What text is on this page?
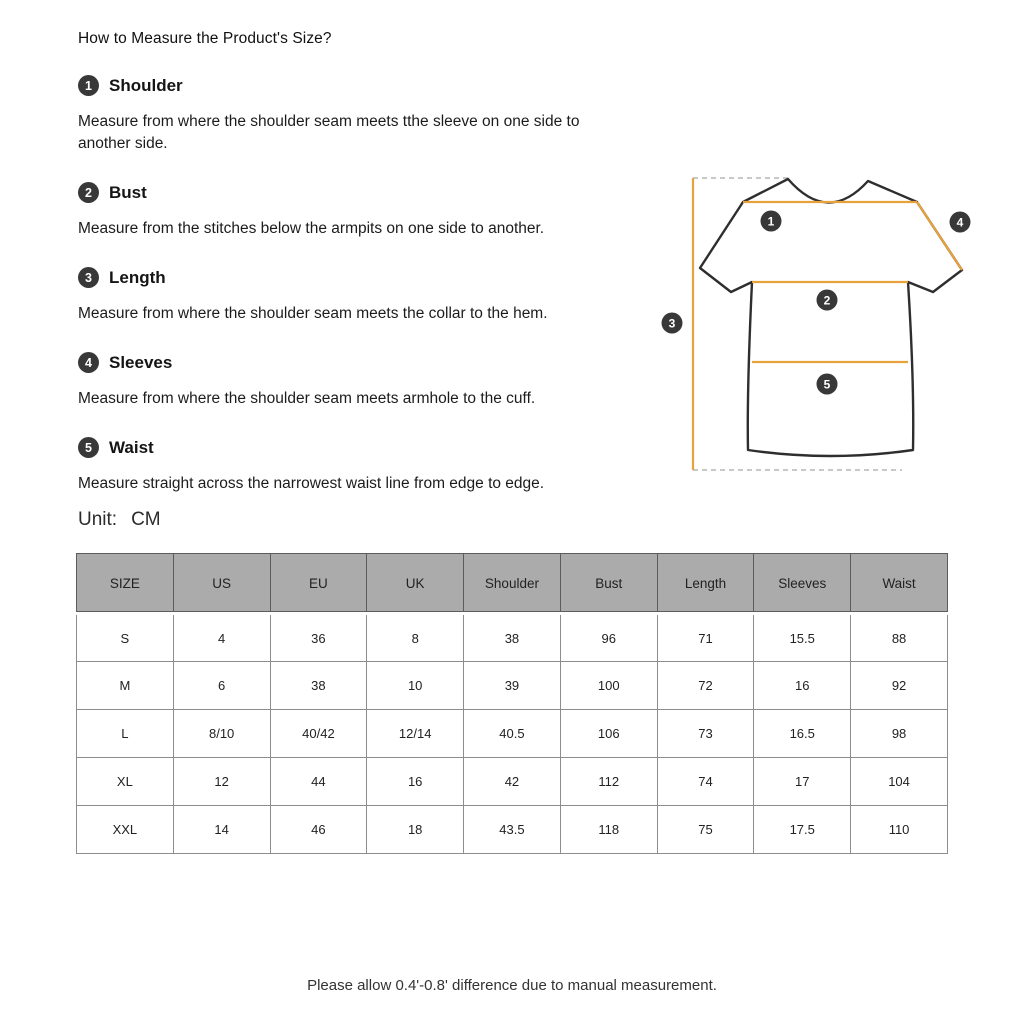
How to Measure the Product's Size?
1	Shoulder
Measure from where the shoulder seam meets tthe sleeve on one side to another side.
2	Bust
Measure from the stitches below the armpits on one side to another.
3	Length
Measure from where the shoulder seam meets the collar to the hem.
4	Sleeves
Measure from where the shoulder seam meets armhole to the cuff.
5	Waist
Measure straight across the narrowest waist line from edge to edge.
Unit: CM
SIZE	US	EU	UK	Shoulder	Bust	Length	Sleeves	Waist
S	4	36	8	38	96	71	15.5	88
M	6	38	10	39	100	72	16	92
L	8/10	40/42	12/14	40.5	106	73	16.5	98
XL	12	44	16	42	112	74	17	104
XXL	14	46	18	43.5	118	75	17.5	110
1
2
3
4
5
Please allow 0.4'-0.8' difference due to manual measurement.
